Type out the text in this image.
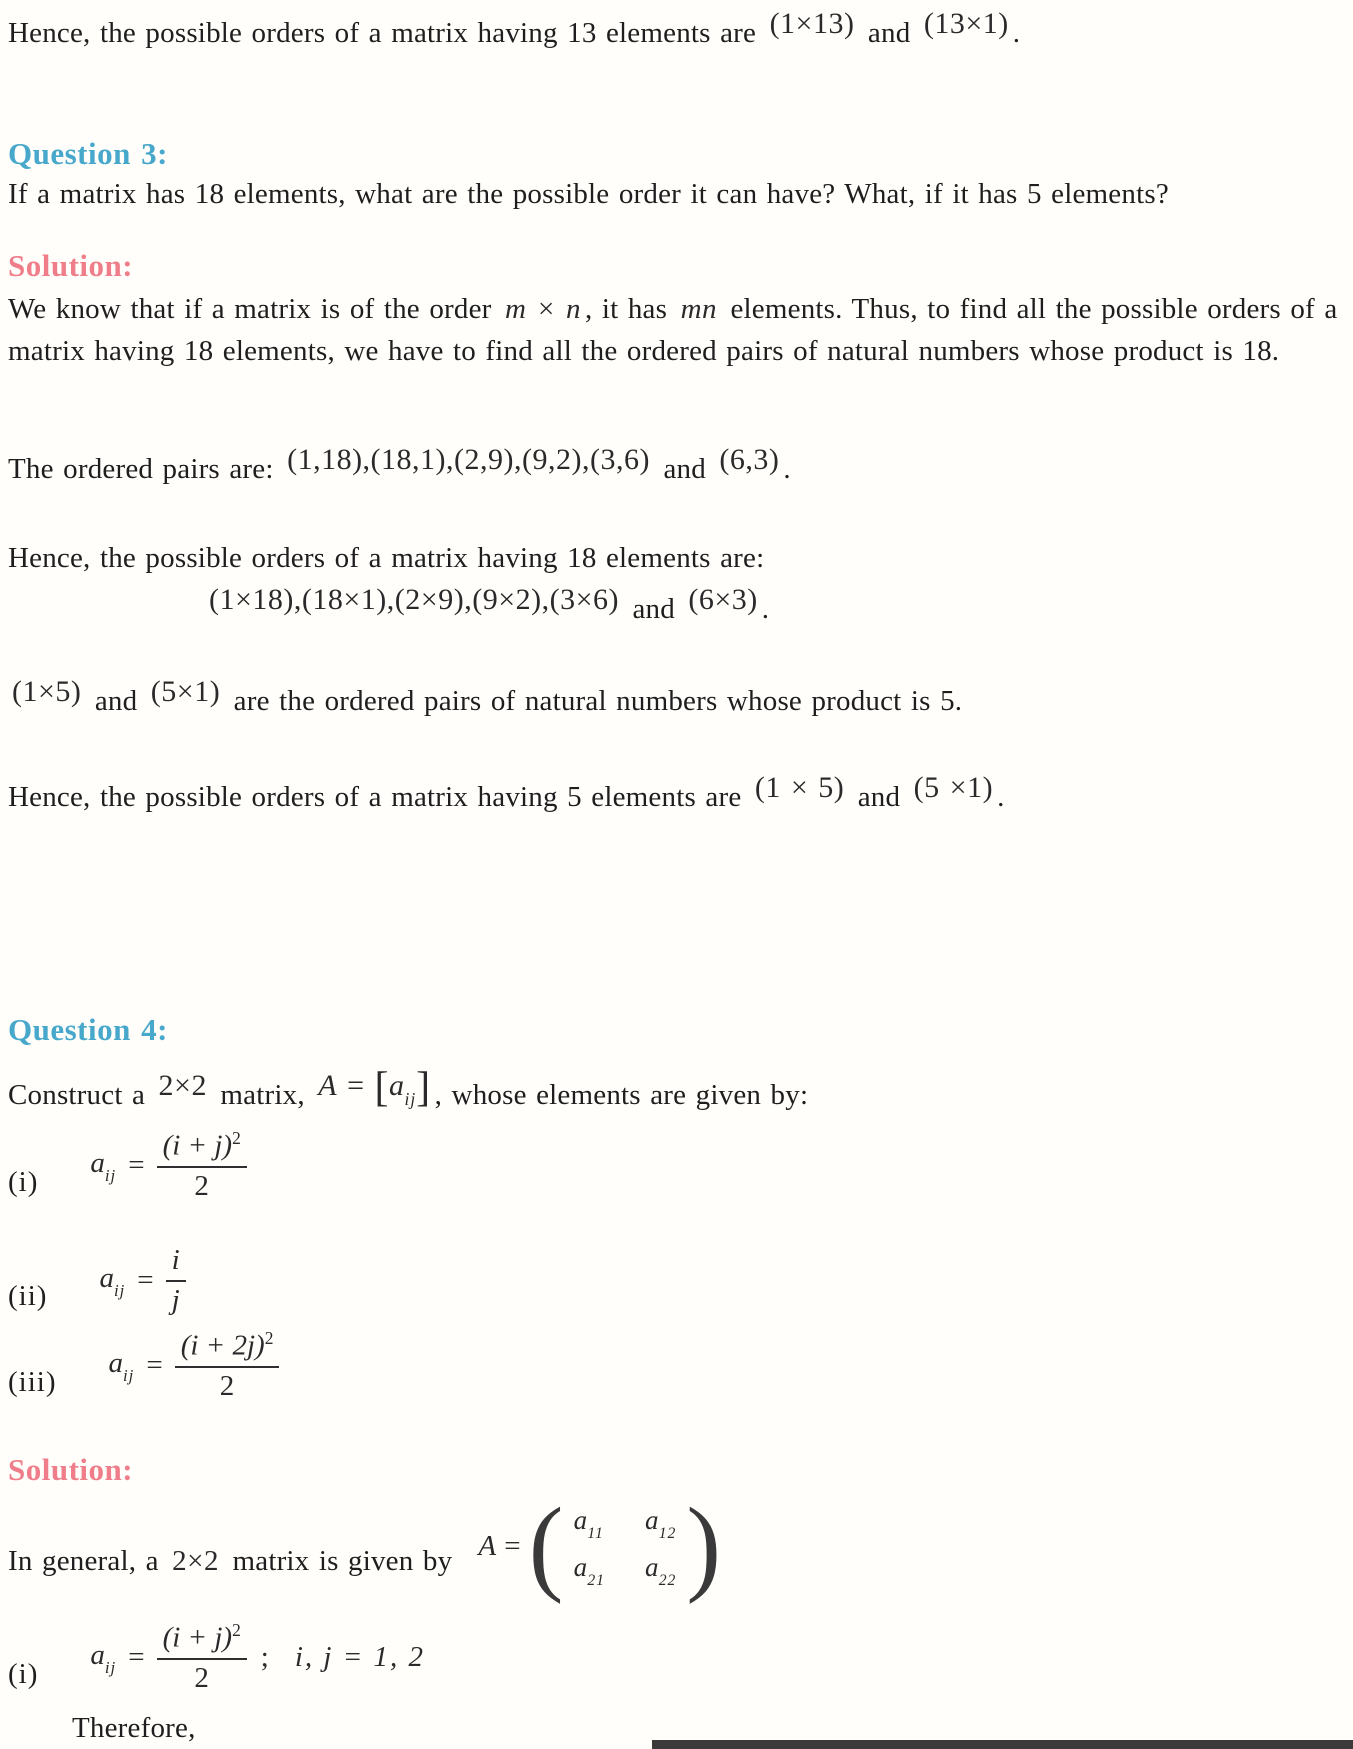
Hence, the possible orders of a matrix having 13 elements are (1×13) and (13×1) .
Question 3:
If a matrix has 18 elements, what are the possible order it can have? What, if it has 5 elements?
Solution:
We know that if a matrix is of the order m × n , it has mn elements. Thus, to find all the possible orders of a matrix having 18 elements, we have to find all the ordered pairs of natural numbers whose product is 18.
The ordered pairs are: (1,18),(18,1),(2,9),(9,2),(3,6) and (6,3) .
Hence, the possible orders of a matrix having 18 elements are:
(1×18),(18×1),(2×9),(9×2),(3×6) and (6×3) .
(1×5) and (5×1) are the ordered pairs of natural numbers whose product is 5.
Hence, the possible orders of a matrix having 5 elements are (1 × 5) and (5 ×1) .
Question 4:
Construct a 2×2 matrix, $A = [a_{ij}]$ , whose elements are given by:
(i)
$a_{ij} = \frac{(i + j)^2}{2}$
(ii)
$a_{ij} = \frac{i}{j}$
(iii)
$a_{ij} = \frac{(i + 2j)^2}{2}$
Solution:
In general, a 2×2 matrix is given by A = ( $a_{11}$ $a_{12}$
$a_{21}$ $a_{22}$ )
(i)
$a_{ij} = \frac{(i + j)^2}{2}$ ; i, j = 1, 2
Therefore,
